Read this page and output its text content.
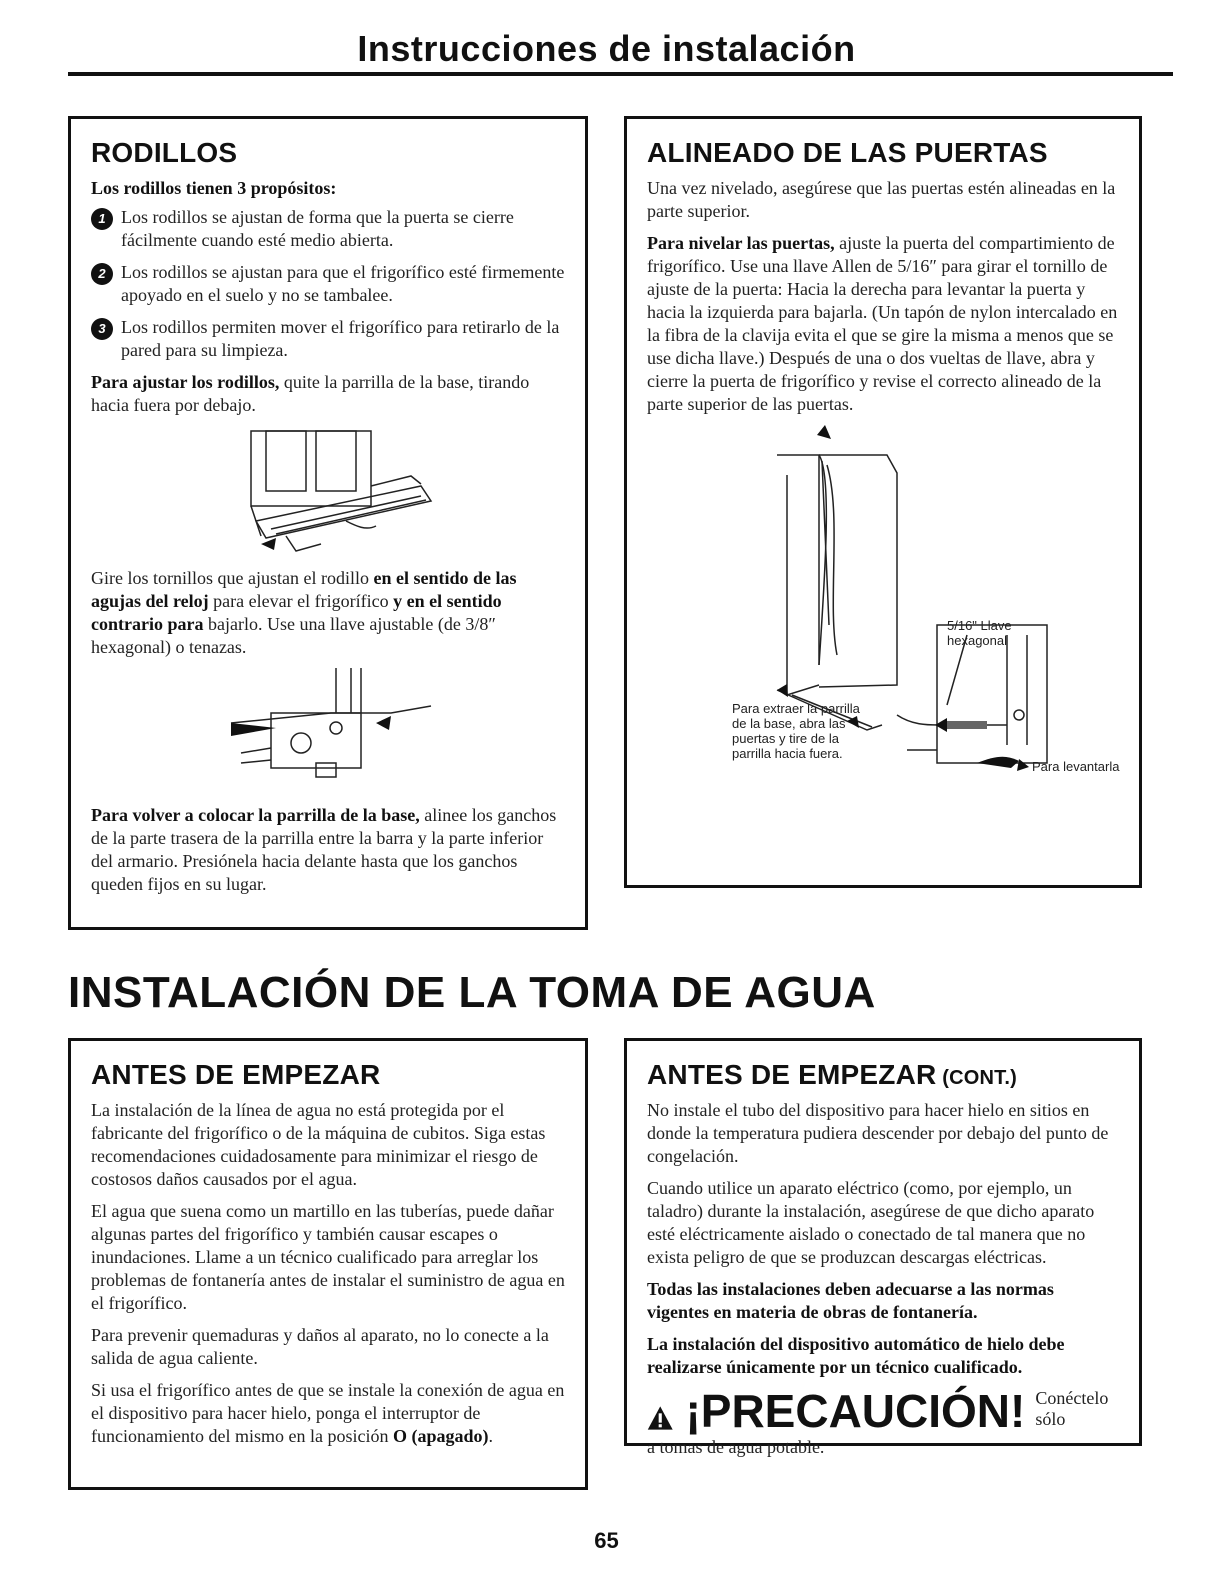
Instrucciones de instalación
RODILLOS

Los rodillos tienen 3 propósitos:

1 Los rodillos se ajustan de forma que la puerta se cierre fácilmente cuando esté medio abierta.

2 Los rodillos se ajustan para que el frigorífico esté firmemente apoyado en el suelo y no se tambalee.

3 Los rodillos permiten mover el frigorífico para retirarlo de la pared para su limpieza.

Para ajustar los rodillos, quite la parrilla de la base, tirando hacia fuera por debajo.

Gire los tornillos que ajustan el rodillo en el sentido de las agujas del reloj para elevar el frigorífico y en el sentido contrario para bajarlo. Use una llave ajustable (de 3/8″ hexagonal) o tenazas.

Para volver a colocar la parrilla de la base, alinee los ganchos de la parte trasera de la parrilla entre la barra y la parte inferior del armario. Presiónela hacia delante hasta que los ganchos queden fijos en su lugar.

ALINEADO DE LAS PUERTAS

Una vez nivelado, asegúrese que las puertas estén alineadas en la parte superior.

Para nivelar las puertas, ajuste la puerta del compartimiento de frigorífico. Use una llave Allen de 5/16″ para girar el tornillo de ajuste de la puerta: Hacia la derecha para levantar la puerta y hacia la izquierda para bajarla. (Un tapón de nylon intercalado en la fibra de la clavija evita el que se gire la misma a menos que se use dicha llave.) Después de una o dos vueltas de llave, abra y cierre la puerta de frigorífico y revise el correcto alineado de la parte superior de las puertas.

5/16" Llave
hexagonal
Para extraer la parrilla
de la base, abra las
puertas y tire de la
parrilla hacia fuera.
Para levantarla
INSTALACIÓN DE LA TOMA DE AGUA
ANTES DE EMPEZAR

La instalación de la línea de agua no está protegida por el fabricante del frigorífico o de la máquina de cubitos. Siga estas recomendaciones cuidadosamente para minimizar el riesgo de costosos daños causados por el agua.

El agua que suena como un martillo en las tuberías, puede dañar algunas partes del frigorífico y también causar escapes o inundaciones. Llame a un técnico cualificado para arreglar los problemas de fontanería antes de instalar el suministro de agua en el frigorífico.

Para prevenir quemaduras y daños al aparato, no lo conecte a la salida de agua caliente.

Si usa el frigorífico antes de que se instale la conexión de agua en el dispositivo para hacer hielo, ponga el interruptor de funcionamiento del mismo en la posición O (apagado).

ANTES DE EMPEZAR (CONT.)

No instale el tubo del dispositivo para hacer hielo en sitios en donde la temperatura pudiera descender por debajo del punto de congelación.

Cuando utilice un aparato eléctrico (como, por ejemplo, un taladro) durante la instalación, asegúrese de que dicho aparato esté eléctricamente aislado o conectado de tal manera que no exista peligro de que se produzcan descargas eléctricas.

Todas las instalaciones deben adecuarse a las normas vigentes en materia de obras de fontanería.

La instalación del dispositivo automático de hielo debe realizarse únicamente por un técnico cualificado.

¡PRECAUCIÓN! Conéctelo sólo

a tomas de agua potable.

65
